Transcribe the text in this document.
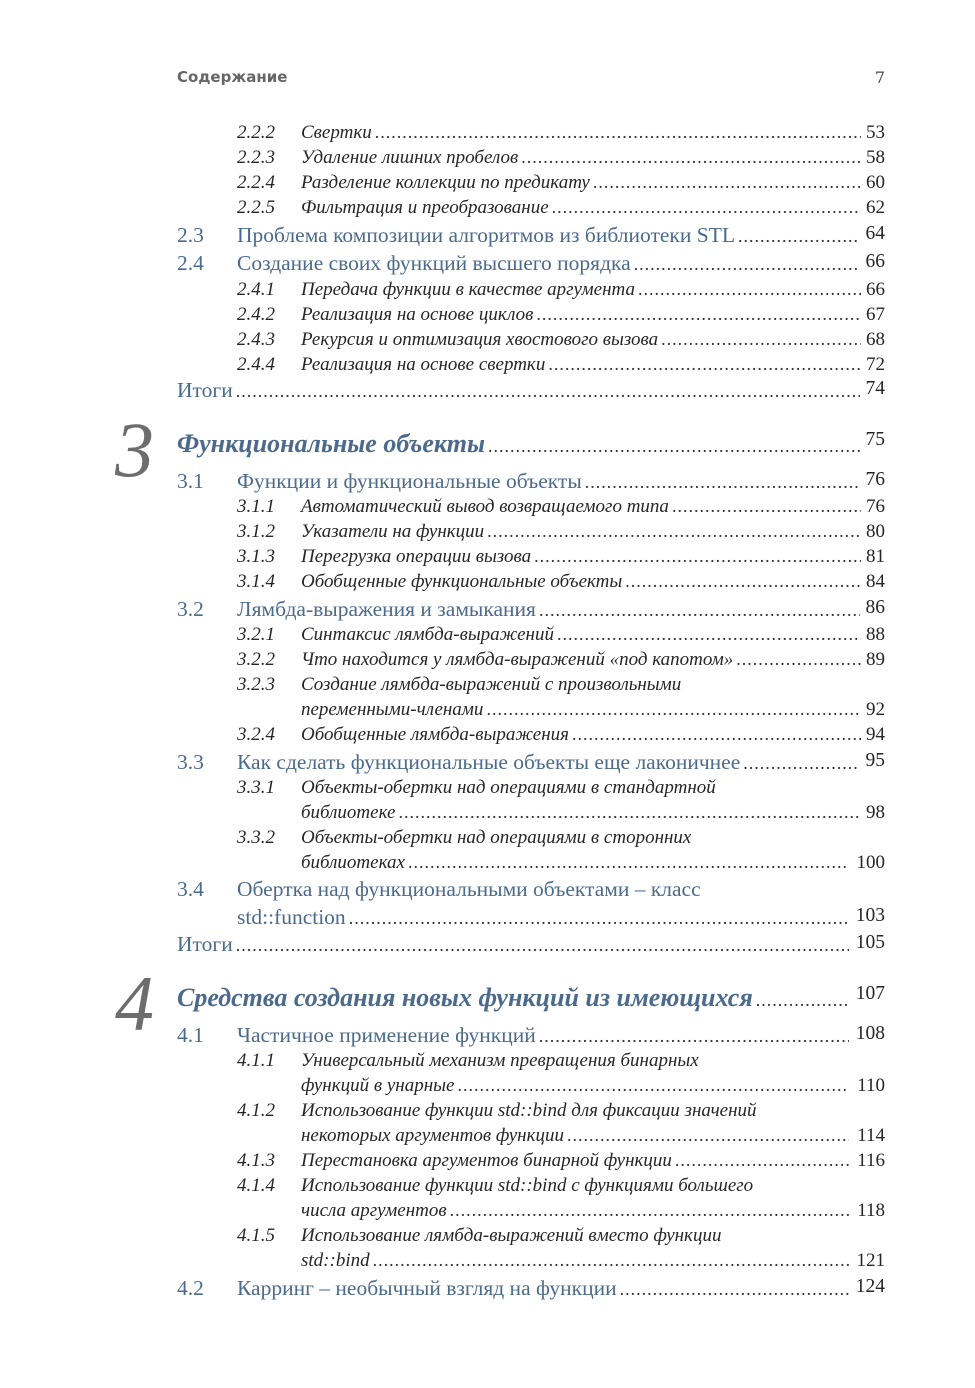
Содержание	7
2.2.2 Свертки .....	53
2.2.3 Удаление лишних пробелов .....	58
2.2.4 Разделение коллекции по предикату .....	60
2.2.5 Фильтрация и преобразование .....	62
2.3 Проблема композиции алгоритмов из библиотеки STL .....	64
2.4 Создание своих функций высшего порядка .....	66
2.4.1 Передача функции в качестве аргумента .....	66
2.4.2 Реализация на основе циклов .....	67
2.4.3 Рекурсия и оптимизация хвостового вызова .....	68
2.4.4 Реализация на основе свертки .....	72
Итоги .....	74
3 Функциональные объекты .....	75
3.1 Функции и функциональные объекты .....	76
3.1.1 Автоматический вывод возвращаемого типа .....	76
3.1.2 Указатели на функции .....	80
3.1.3 Перегрузка операции вызова .....	81
3.1.4 Обобщенные функциональные объекты .....	84
3.2 Лямбда-выражения и замыкания .....	86
3.2.1 Синтаксис лямбда-выражений .....	88
3.2.2 Что находится у лямбда-выражений «под капотом» .....	89
3.2.3 Создание лямбда-выражений с произвольными
переменными-членами .....	92
3.2.4 Обобщенные лямбда-выражения .....	94
3.3 Как сделать функциональные объекты еще лаконичнее .....	95
3.3.1 Объекты-обертки над операциями в стандартной
библиотеке .....	98
3.3.2 Объекты-обертки над операциями в сторонних
библиотеках .....	100
3.4 Обертка над функциональными объектами – класс
std::function .....	103
Итоги .....	105
4 Средства создания новых функций из имеющихся .....	107
4.1 Частичное применение функций .....	108
4.1.1 Универсальный механизм превращения бинарных
функций в унарные .....	110
4.1.2 Использование функции std::bind для фиксации значений
некоторых аргументов функции .....	114
4.1.3 Перестановка аргументов бинарной функции .....	116
4.1.4 Использование функции std::bind с функциями большего
числа аргументов .....	118
4.1.5 Использование лямбда-выражений вместо функции
std::bind .....	121
4.2 Карринг – необычный взгляд на функции .....	124
